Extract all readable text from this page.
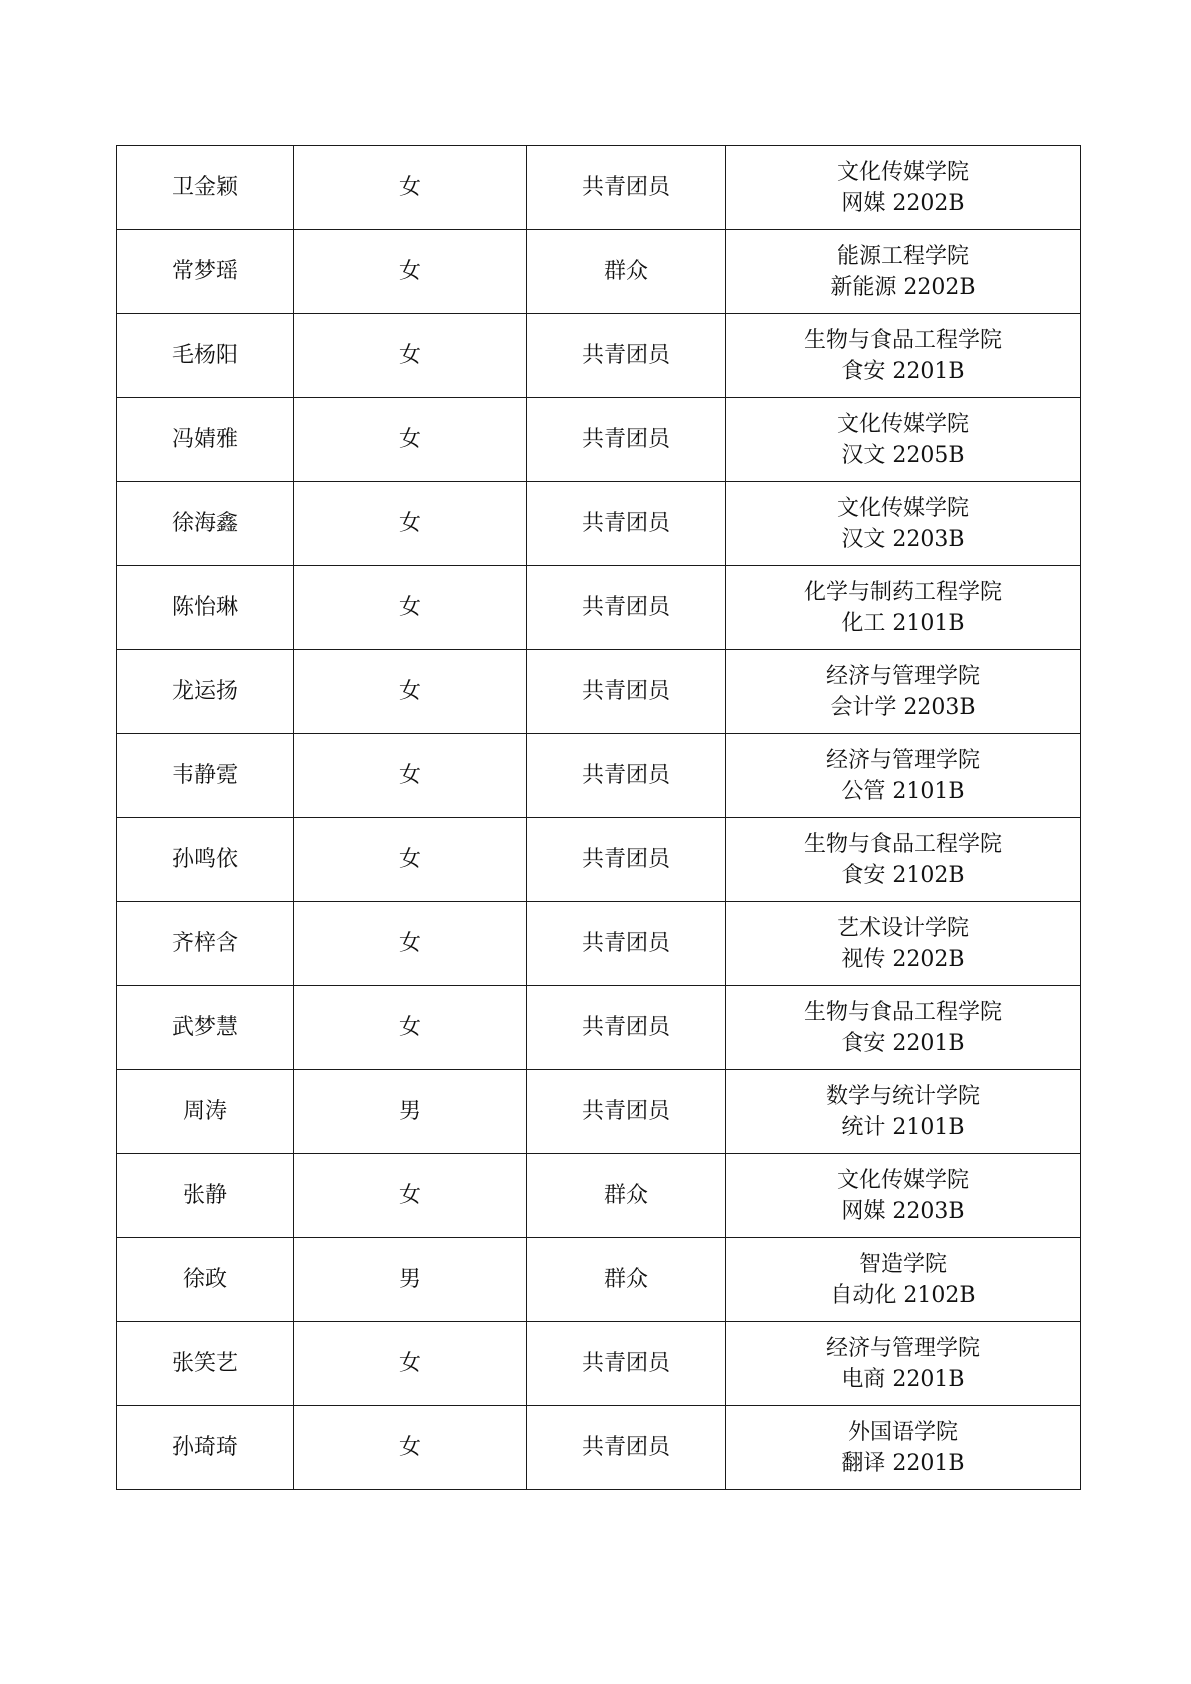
卫金颖	女	共青团员	文化传媒学院
网媒 2202B

常梦瑶	女	群众	能源工程学院
新能源 2202B

毛杨阳	女	共青团员	生物与食品工程学院
食安 2201B

冯婧雅	女	共青团员	文化传媒学院
汉文 2205B

徐海鑫	女	共青团员	文化传媒学院
汉文 2203B

陈怡琳	女	共青团员	化学与制药工程学院
化工 2101B

龙运扬	女	共青团员	经济与管理学院
会计学 2203B

韦静霓	女	共青团员	经济与管理学院
公管 2101B

孙鸣依	女	共青团员	生物与食品工程学院
食安 2102B

齐梓含	女	共青团员	艺术设计学院
视传 2202B

武梦慧	女	共青团员	生物与食品工程学院
食安 2201B

周涛	男	共青团员	数学与统计学院
统计 2101B

张静	女	群众	文化传媒学院
网媒 2203B

徐政	男	群众	智造学院
自动化 2102B

张笑艺	女	共青团员	经济与管理学院
电商 2201B

孙琦琦	女	共青团员	外国语学院
翻译 2201B
